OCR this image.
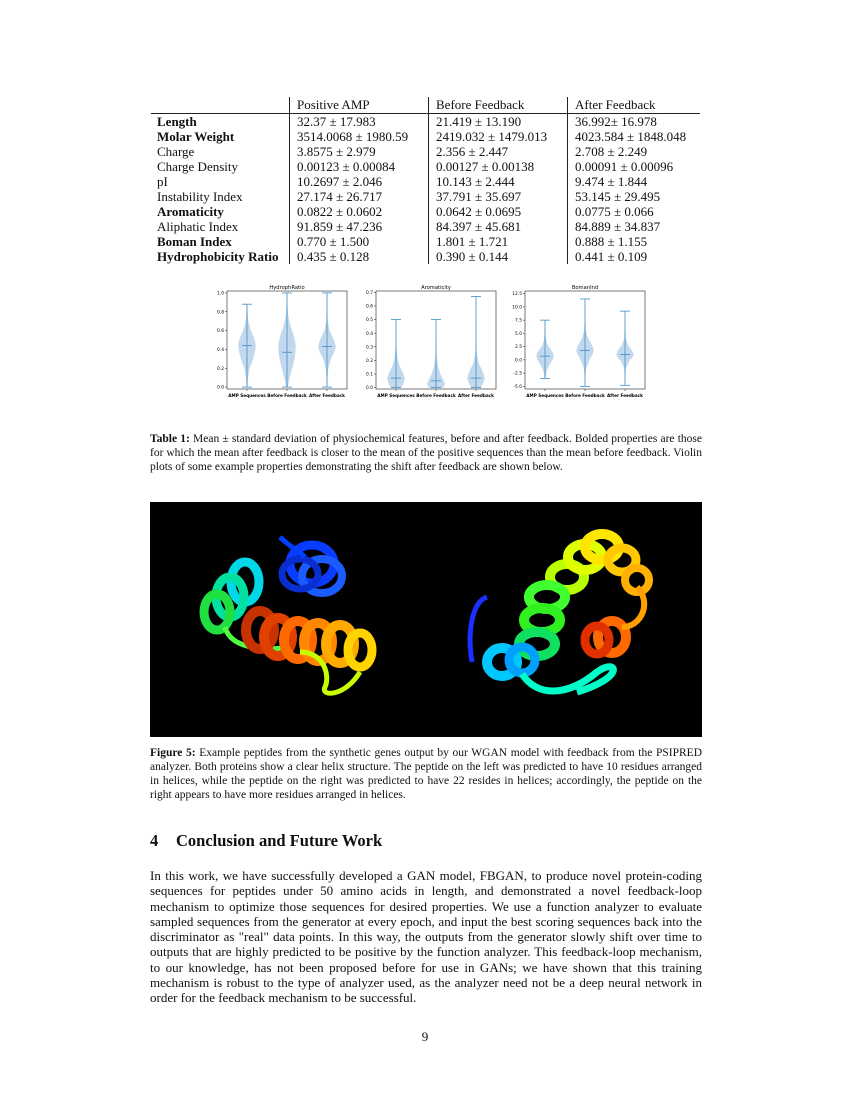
	Positive AMP	Before Feedback	After Feedback
Length	32.37 ± 17.983	21.419 ± 13.190	36.992± 16.978
Molar Weight	3514.0068 ± 1980.59	2419.032 ± 1479.013	4023.584 ± 1848.048
Charge	3.8575 ± 2.979	2.356 ± 2.447	2.708 ± 2.249
Charge Density	0.00123 ± 0.00084	0.00127 ± 0.00138	0.00091 ± 0.00096
pI	10.2697 ± 2.046	10.143 ± 2.444	9.474 ± 1.844
Instability Index	27.174 ± 26.717	37.791 ± 35.697	53.145 ± 29.495
Aromaticity	0.0822 ± 0.0602	0.0642 ± 0.0695	0.0775 ± 0.066
Aliphatic Index	91.859 ± 47.236	84.397 ± 45.681	84.889 ± 34.837
Boman Index	0.770 ± 1.500	1.801 ± 1.721	0.888 ± 1.155
Hydrophobicity Ratio	0.435 ± 0.128	0.390 ± 0.144	0.441 ± 0.109
HydrophRatio
0.0
0.2
0.4
0.6
0.8
1.0
AMP Sequences Before Feedback After Feedback
Aromaticity
0.0
0.1
0.2
0.3
0.4
0.5
0.6
0.7
AMP Sequences Before Feedback After Feedback
BomanInd
-5.0
-2.5
0.0
2.5
5.0
7.5
10.0
12.5
AMP Sequences Before Feedback After Feedback
Table 1: Mean ± standard deviation of physiochemical features, before and after feedback. Bolded properties are those for which the mean after feedback is closer to the mean of the positive sequences than the mean before feedback. Violin plots of some example properties demonstrating the shift after feedback are shown below.
Figure 5: Example peptides from the synthetic genes output by our WGAN model with feedback from the PSIPRED analyzer. Both proteins show a clear helix structure. The peptide on the left was predicted to have 10 residues arranged in helices, while the peptide on the right was predicted to have 22 resides in helices; accordingly, the peptide on the right appears to have more residues arranged in helices.
4 Conclusion and Future Work
In this work, we have successfully developed a GAN model, FBGAN, to produce novel protein-coding sequences for peptides under 50 amino acids in length, and demonstrated a novel feedback-loop mechanism to optimize those sequences for desired properties. We use a function analyzer to evaluate sampled sequences from the generator at every epoch, and input the best scoring sequences back into the discriminator as "real" data points. In this way, the outputs from the generator slowly shift over time to outputs that are highly predicted to be positive by the function analyzer. This feedback-loop mechanism, to our knowledge, has not been proposed before for use in GANs; we have shown that this training mechanism is robust to the type of analyzer used, as the analyzer need not be a deep neural network in order for the feedback mechanism to be successful.
9
